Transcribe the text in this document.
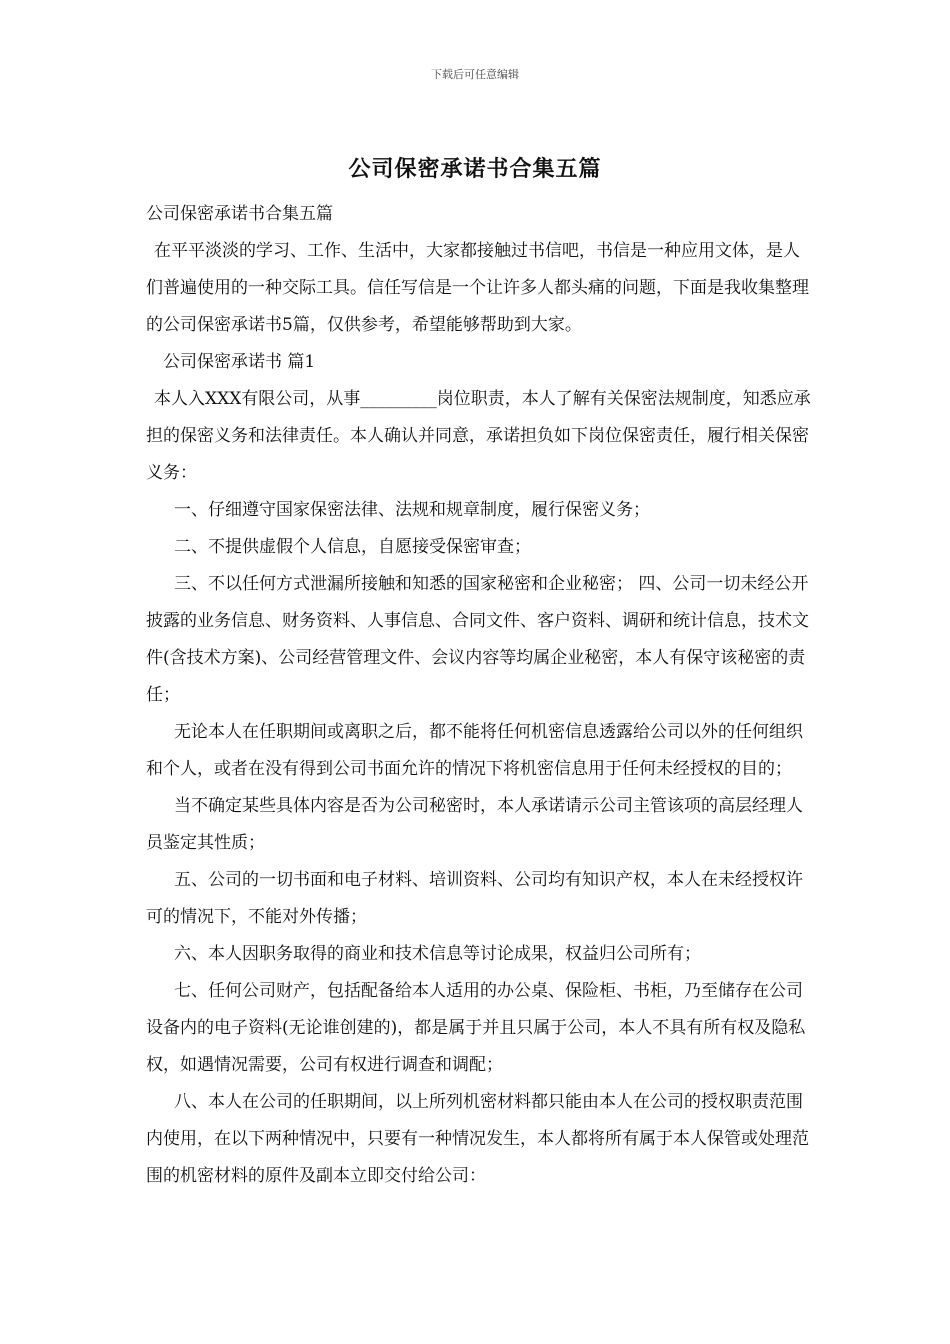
下载后可任意编辑
公司保密承诺书合集五篇

公司保密承诺书合集五篇

在平平淡淡的学习、工作、生活中，大家都接触过书信吧，书信是一种应用文体，是人们普遍使用的一种交际工具。信任写信是一个让许多人都头痛的问题，下面是我收集整理的公司保密承诺书5篇，仅供参考，希望能够帮助到大家。

公司保密承诺书 篇1

本人入XXX有限公司，从事_________岗位职责，本人了解有关保密法规制度，知悉应承担的保密义务和法律责任。本人确认并同意，承诺担负如下岗位保密责任，履行相关保密义务：

一、仔细遵守国家保密法律、法规和规章制度，履行保密义务；

二、不提供虚假个人信息，自愿接受保密审查；

三、不以任何方式泄漏所接触和知悉的国家秘密和企业秘密； 四、公司一切未经公开披露的业务信息、财务资料、人事信息、合同文件、客户资料、调研和统计信息，技术文件(含技术方案)、公司经营管理文件、会议内容等均属企业秘密，本人有保守该秘密的责任；

无论本人在任职期间或离职之后，都不能将任何机密信息透露给公司以外的任何组织和个人，或者在没有得到公司书面允许的情况下将机密信息用于任何未经授权的目的；

当不确定某些具体内容是否为公司秘密时，本人承诺请示公司主管该项的高层经理人员鉴定其性质；

五、公司的一切书面和电子材料、培训资料、公司均有知识产权，本人在未经授权许可的情况下，不能对外传播；

六、本人因职务取得的商业和技术信息等讨论成果，权益归公司所有；

七、任何公司财产，包括配备给本人适用的办公桌、保险柜、书柜，乃至储存在公司设备内的电子资料(无论谁创建的)，都是属于并且只属于公司，本人不具有所有权及隐私权，如遇情况需要，公司有权进行调查和调配；

八、本人在公司的任职期间，以上所列机密材料都只能由本人在公司的授权职责范围内使用，在以下两种情况中，只要有一种情况发生，本人都将所有属于本人保管或处理范围的机密材料的原件及副本立即交付给公司：
